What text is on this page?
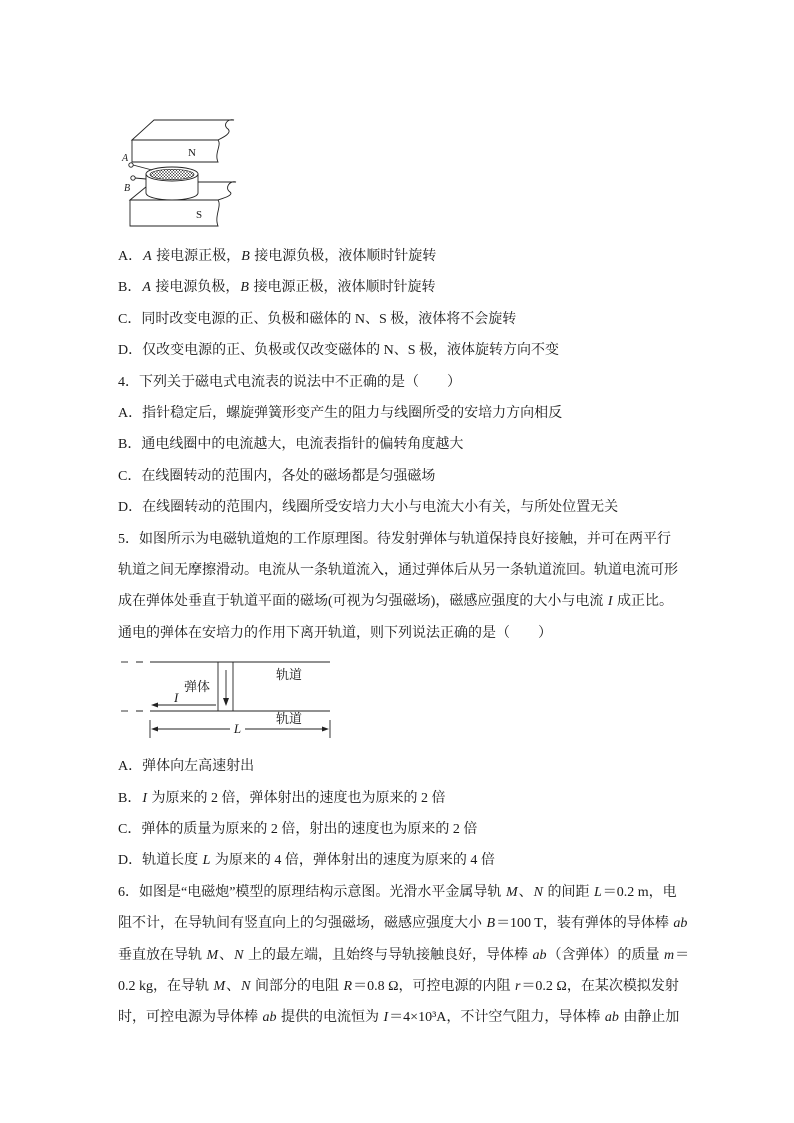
N
S
A
B
A．A 接电源正极，B 接电源负极，液体顺时针旋转
B．A 接电源负极，B 接电源正极，液体顺时针旋转
C．同时改变电源的正、负极和磁体的 N、S 极，液体将不会旋转
D．仅改变电源的正、负极或仅改变磁体的 N、S 极，液体旋转方向不变
4．下列关于磁电式电流表的说法中不正确的是（　　）
A．指针稳定后，螺旋弹簧形变产生的阻力与线圈所受的安培力方向相反
B．通电线圈中的电流越大，电流表指针的偏转角度越大
C．在线圈转动的范围内，各处的磁场都是匀强磁场
D．在线圈转动的范围内，线圈所受安培力大小与电流大小有关，与所处位置无关
5．如图所示为电磁轨道炮的工作原理图。待发射弹体与轨道保持良好接触，并可在两平行
轨道之间无摩擦滑动。电流从一条轨道流入，通过弹体后从另一条轨道流回。轨道电流可形
成在弹体处垂直于轨道平面的磁场(可视为匀强磁场)，磁感应强度的大小与电流 I 成正比。
通电的弹体在安培力的作用下离开轨道，则下列说法正确的是（　　）
弹体
I
轨道
轨道
L
A．弹体向左高速射出
B．I 为原来的 2 倍，弹体射出的速度也为原来的 2 倍
C．弹体的质量为原来的 2 倍，射出的速度也为原来的 2 倍
D．轨道长度 L 为原来的 4 倍，弹体射出的速度为原来的 4 倍
6．如图是“电磁炮”模型的原理结构示意图。光滑水平金属导轨 M、N 的间距 L＝0.2 m，电
阻不计，在导轨间有竖直向上的匀强磁场，磁感应强度大小 B＝100 T，装有弹体的导体棒 ab
垂直放在导轨 M、N 上的最左端，且始终与导轨接触良好，导体棒 ab（含弹体）的质量 m＝
0.2 kg，在导轨 M、N 间部分的电阻 R＝0.8 Ω，可控电源的内阻 r＝0.2 Ω，在某次模拟发射
时，可控电源为导体棒 ab 提供的电流恒为 I＝4×10³A，不计空气阻力，导体棒 ab 由静止加
